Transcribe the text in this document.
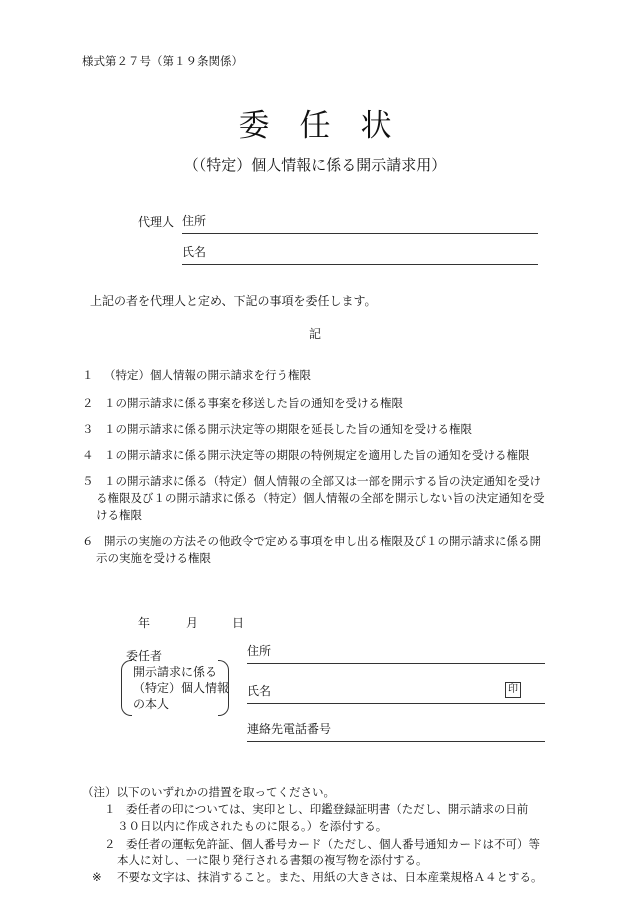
様式第２７号（第１９条関係）
委任状
（（特定）個人情報に係る開示請求用）
代理人 住所
氏名
上記の者を代理人と定め、下記の事項を委任します。
記
１ （特定）個人情報の開示請求を行う権限
２ １の開示請求に係る事案を移送した旨の通知を受ける権限
３ １の開示請求に係る開示決定等の期限を延長した旨の通知を受ける権限
４ １の開示請求に係る開示決定等の期限の特例規定を適用した旨の通知を受ける権限
５ １の開示請求に係る（特定）個人情報の全部又は一部を開示する旨の決定通知を受ける権限及び１の開示請求に係る（特定）個人情報の全部を開示しない旨の決定通知を受ける権限
６ 開示の実施の方法その他政令で定める事項を申し出る権限及び１の開示請求に係る開示の実施を受ける権限
年	月	日
委任者
開示請求に係る
（特定）個人情報
の本人
住所
氏名	印
連絡先電話番号
（注）以下のいずれかの措置を取ってください。
１ 委任者の印については、実印とし、印鑑登録証明書（ただし、開示請求の日前
３０日以内に作成されたものに限る。）を添付する。
２ 委任者の運転免許証、個人番号カード（ただし、個人番号通知カードは不可）等
本人に対し、一に限り発行される書類の複写物を添付する。
※ 不要な文字は、抹消すること。また、用紙の大きさは、日本産業規格Ａ４とする。
